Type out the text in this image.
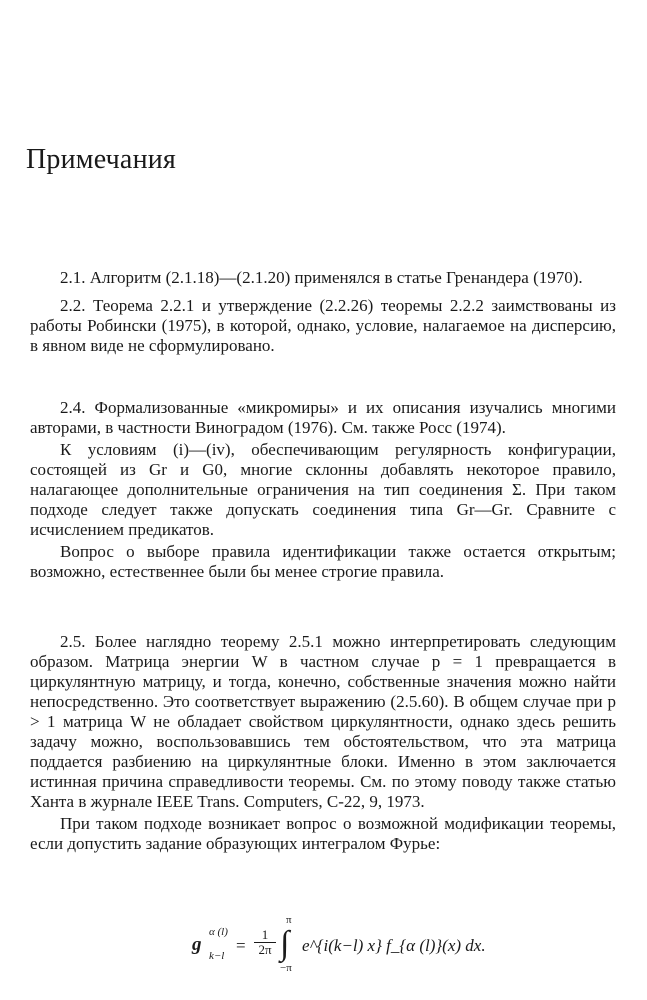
Примечания

2.1. Алгоритм (2.1.18)—(2.1.20) применялся в статье Гренандера (1970).

2.2. Теорема 2.2.1 и утверждение (2.2.26) теоремы 2.2.2 заимствованы из работы Робински (1975), в которой, однако, условие, налагаемое на дисперсию, в явном виде не сформулировано.

2.4. Формализованные «микромиры» и их описания изучались многими авторами, в частности Виноградом (1976). См. также Росс (1974).

К условиям (i)—(iv), обеспечивающим регулярность конфигурации, состоящей из Gr и G0, многие склонны добавлять некоторое правило, налагающее дополнительные ограничения на тип соединения Σ. При таком подходе следует также допускать соединения типа Gr—Gr. Сравните с исчислением предикатов.

Вопрос о выборе правила идентификации также остается открытым; возможно, естественнее были бы менее строгие правила.

2.5. Более наглядно теорему 2.5.1 можно интерпретировать следующим образом. Матрица энергии W в частном случае p = 1 превращается в циркулянтную матрицу, и тогда, конечно, собственные значения можно найти непосредственно. Это соответствует выражению (2.5.60). В общем случае при p > 1 матрица W не обладает свойством циркулянтности, однако здесь решить задачу можно, воспользовавшись тем обстоятельством, что эта матрица поддается разбиению на циркулянтные блоки. Именно в этом заключается истинная причина справедливости теоремы. См. по этому поводу также статью Ханта в журнале IEEE Trans. Computers, C-22, 9, 1973.

При таком подходе возникает вопрос о возможной модификации теоремы, если допустить задание образующих интегралом Фурье:

g
α (l)
k−l
= $\frac{1}{2\pi}$ ∫
π
−π
e^{i(k−l) x} f_{α (l)}(x) dx.
